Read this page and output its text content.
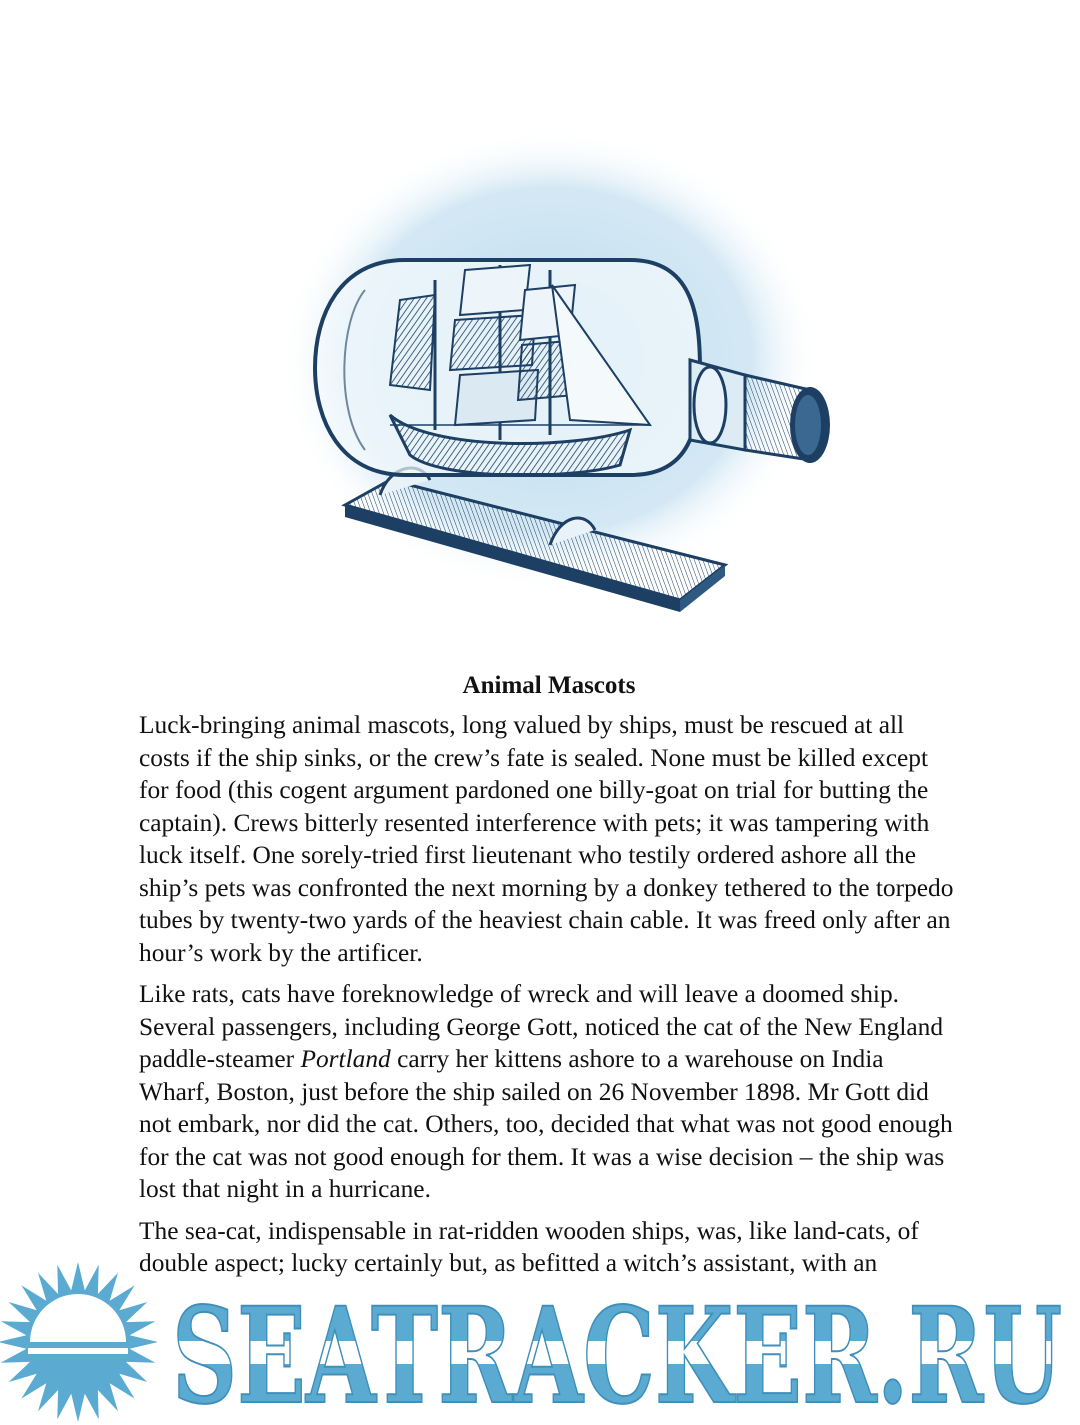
Animal Mascots

Luck-bringing animal mascots, long valued by ships, must be rescued at all costs if the ship sinks, or the crew’s fate is sealed. None must be killed except for food (this cogent argument pardoned one billy-goat on trial for butting the captain). Crews bitterly resented interference with pets; it was tampering with luck itself. One sorely-tried first lieutenant who testily ordered ashore all the ship’s pets was confronted the next morning by a donkey tethered to the torpedo tubes by twenty-two yards of the heaviest chain cable. It was freed only after an hour’s work by the artificer.

Like rats, cats have foreknowledge of wreck and will leave a doomed ship. Several passengers, including George Gott, noticed the cat of the New England paddle-steamer Portland carry her kittens ashore to a warehouse on India Wharf, Boston, just before the ship sailed on 26 November 1898. Mr Gott did not embark, nor did the cat. Others, too, decided that what was not good enough for the cat was not good enough for them. It was a wise decision – the ship was lost that night in a hurricane.

The sea-cat, indispensable in rat-ridden wooden ships, was, like land-cats, of double aspect; lucky certainly but, as befitted a witch’s assistant, with an

SEATRACKER.RU
